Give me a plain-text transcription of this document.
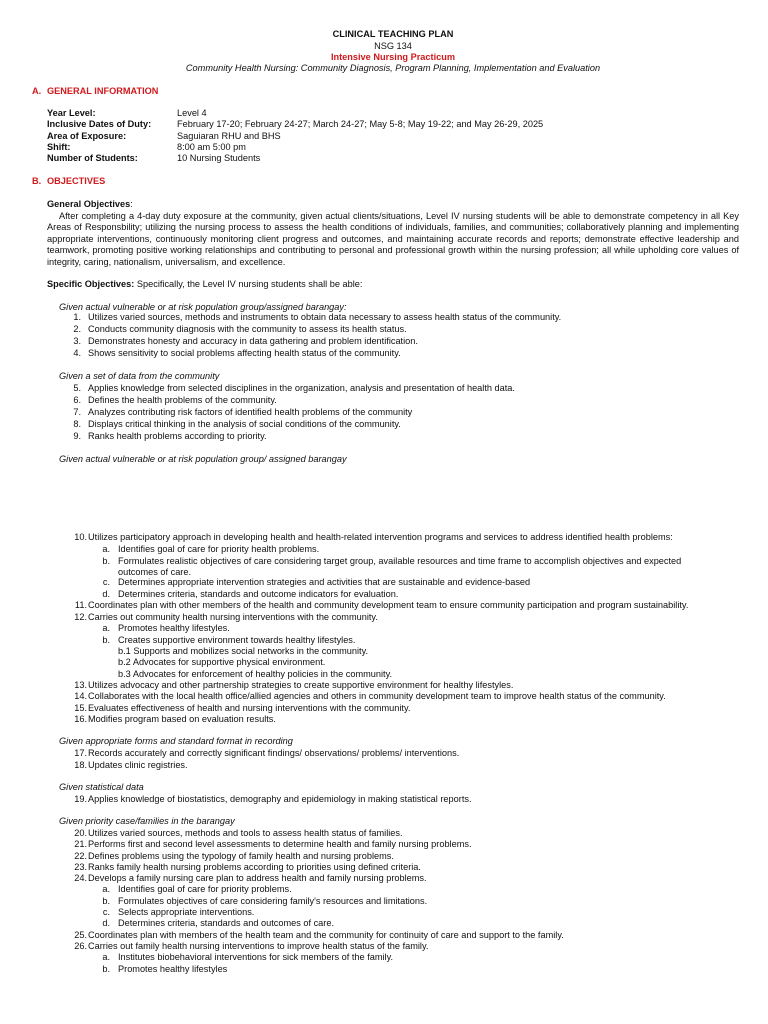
CLINICAL TEACHING PLAN
NSG 134
Intensive Nursing Practicum
Community Health Nursing: Community Diagnosis, Program Planning, Implementation and Evaluation
A. GENERAL INFORMATION
Year Level:	Level 4
Inclusive Dates of Duty:	February 17-20; February 24-27; March 24-27; May 5-8; May 19-22; and May 26-29, 2025
Area of Exposure:	Saguiaran RHU and BHS
Shift:	8:00 am 5:00 pm
Number of Students:	10 Nursing Students
B. OBJECTIVES
General Objectives:
After completing a 4-day duty exposure at the community, given actual clients/situations, Level IV nursing students will be able to demonstrate competency in all Key Areas of Responsbility; utilizing the nursing process to assess the health conditions of individuals, families, and communities; collaboratively planning and implementing appropriate interventions, continuously monitoring client progress and outcomes, and maintaining accurate records and reports; demonstrate effective leadership and teamwork, promoting positive working relationships and contributing to personal and professional growth within the nursing profession; all while upholding core values of integrity, caring, nationalism, universalism, and excellence.
Specific Objectives: Specifically, the Level IV nursing students shall be able:
Given actual vulnerable or at risk population group/assigned barangay:
Given a set of data from the community
Given actual vulnerable or at risk population group/ assigned barangay
Given appropriate forms and standard format in recording
Given statistical data
Given priority case/families in the barangay
1. Utilizes varied sources, methods and instruments to obtain data necessary to assess health status of the community.
2. Conducts community diagnosis with the community to assess its health status.
3. Demonstrates honesty and accuracy in data gathering and problem identification.
4. Shows sensitivity to social problems affecting health status of the community.
5. Applies knowledge from selected disciplines in the organization, analysis and presentation of health data.
6. Defines the health problems of the community.
7. Analyzes contributing risk factors of identified health problems of the community
8. Displays critical thinking in the analysis of social conditions of the community.
9. Ranks health problems according to priority.
10. Utilizes participatory approach in developing health and health-related intervention programs and services to address identified health problems:
a. Identifies goal of care for priority health problems.
b. Formulates realistic objectives of care considering target group, available resources and time frame to accomplish objectives and expected
outcomes of care.
c. Determines appropriate intervention strategies and activities that are sustainable and evidence-based
d. Determines criteria, standards and outcome indicators for evaluation.
11. Coordinates plan with other members of the health and community development team to ensure community participation and program sustainability.
12. Carries out community health nursing interventions with the community.
a. Promotes healthy lifestyles.
b. Creates supportive environment towards healthy lifestyles.
b.1 Supports and mobilizes social networks in the community.
b.2 Advocates for supportive physical environment.
b.3 Advocates for enforcement of healthy policies in the community.
13. Utilizes advocacy and other partnership strategies to create supportive environment for healthy lifestyles.
14. Collaborates with the local health office/allied agencies and others in community development team to improve health status of the community.
15. Evaluates effectiveness of health and nursing interventions with the community.
16. Modifies program based on evaluation results.
17. Records accurately and correctly significant findings/ observations/ problems/ interventions.
18. Updates clinic registries.
19. Applies knowledge of biostatistics, demography and epidemiology in making statistical reports.
20. Utilizes varied sources, methods and tools to assess health status of families.
21. Performs first and second level assessments to determine health and family nursing problems.
22. Defines problems using the typology of family health and nursing problems.
23. Ranks family health nursing problems according to priorities using defined criteria.
24. Develops a family nursing care plan to address health and family nursing problems.
a. Identifies goal of care for priority problems.
b. Formulates objectives of care considering family's resources and limitations.
c. Selects appropriate interventions.
d. Determines criteria, standards and outcomes of care.
25. Coordinates plan with members of the health team and the community for continuity of care and support to the family.
26. Carries out family health nursing interventions to improve health status of the family.
a. Institutes biobehavioral interventions for sick members of the family.
b. Promotes healthy lifestyles
